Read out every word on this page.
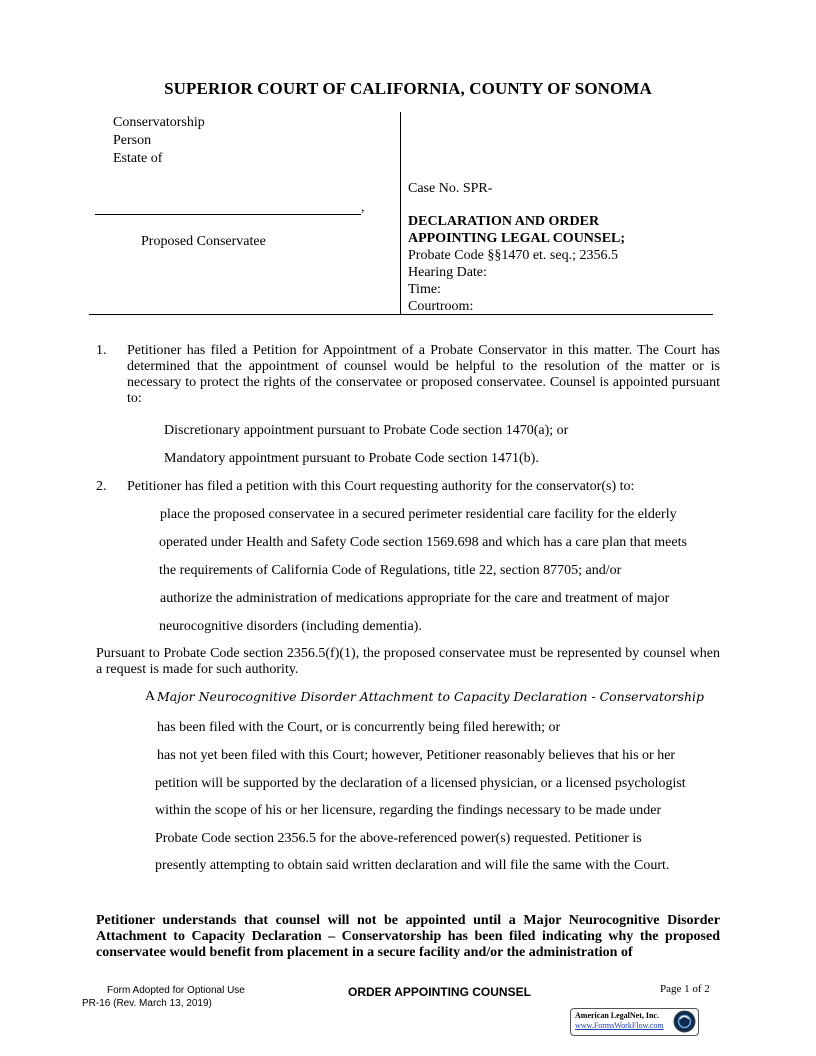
SUPERIOR COURT OF CALIFORNIA, COUNTY OF SONOMA
Conservatorship
Person
Estate of
,
Proposed Conservatee
Case No. SPR-
DECLARATION AND ORDER
APPOINTING LEGAL COUNSEL;
Probate Code §§1470 et. seq.; 2356.5
Hearing Date:
Time:
Courtroom:
1. Petitioner has filed a Petition for Appointment of a Probate Conservator in this matter. The Court has determined that the appointment of counsel would be helpful to the resolution of the matter or is necessary to protect the rights of the conservatee or proposed conservatee. Counsel is appointed pursuant to:
Discretionary appointment pursuant to Probate Code section 1470(a); or
Mandatory appointment pursuant to Probate Code section 1471(b).
2. Petitioner has filed a petition with this Court requesting authority for the conservator(s) to:
place the proposed conservatee in a secured perimeter residential care facility for the elderly
operated under Health and Safety Code section 1569.698 and which has a care plan that meets
the requirements of California Code of Regulations, title 22, section 87705; and/or
authorize the administration of medications appropriate for the care and treatment of major
neurocognitive disorders (including dementia).
Pursuant to Probate Code section 2356.5(f)(1), the proposed conservatee must be represented by counsel when a request is made for such authority.
A Major Neurocognitive Disorder Attachment to Capacity Declaration - Conservatorship
has been filed with the Court, or is concurrently being filed herewith; or
has not yet been filed with this Court; however, Petitioner reasonably believes that his or her
petition will be supported by the declaration of a licensed physician, or a licensed psychologist
within the scope of his or her licensure, regarding the findings necessary to be made under
Probate Code section 2356.5 for the above-referenced power(s) requested. Petitioner is
presently attempting to obtain said written declaration and will file the same with the Court.
Petitioner understands that counsel will not be appointed until a Major Neurocognitive Disorder Attachment to Capacity Declaration – Conservatorship has been filed indicating why the proposed conservatee would benefit from placement in a secure facility and/or the administration of
Form Adopted for Optional Use
PR-16 (Rev. March 13, 2019)
ORDER APPOINTING COUNSEL	Page 1 of 2
American LegalNet, Inc.
www.FormsWorkFlow.com
